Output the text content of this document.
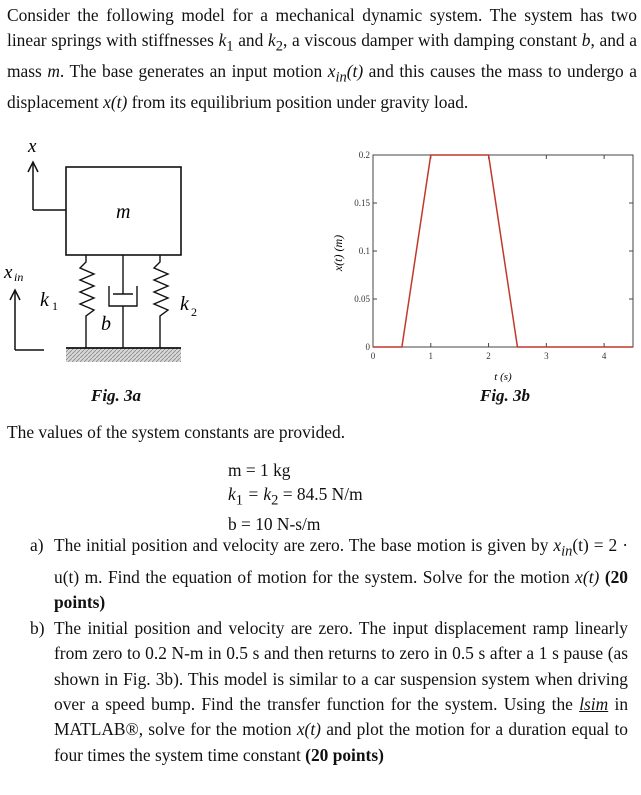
Consider the following model for a mechanical dynamic system. The system has two linear springs with stiffnesses $k_1$ and $k_2$, a viscous damper with damping constant b, and a mass m. The base generates an input motion $x_{in}(t)$ and this causes the mass to undergo a displacement x(t) from its equilibrium position under gravity load.

x
m
x in
k 1
b
k 2
Fig. 3a
0
0.05
0.1
0.15
0.2
0	1	2	3	4
x(t) (m)
t (s)
Fig. 3b
The values of the system constants are provided.
m = 1 kg
$k_1 = k_2 = 84.5$ N/m
b = 10 N-s/m
a) The initial position and velocity are zero. The base motion is given by $x_{in}(t) = 2 \cdot u(t)$ m. Find the equation of motion for the system. Solve for the motion x(t) (20 points)
b) The initial position and velocity are zero. The input displacement ramp linearly from zero to 0.2 N-m in 0.5 s and then returns to zero in 0.5 s after a 1 s pause (as shown in Fig. 3b). This model is similar to a car suspension system when driving over a speed bump. Find the transfer function for the system. Using the lsim in MATLAB®, solve for the motion x(t) and plot the motion for a duration equal to four times the system time constant (20 points)
